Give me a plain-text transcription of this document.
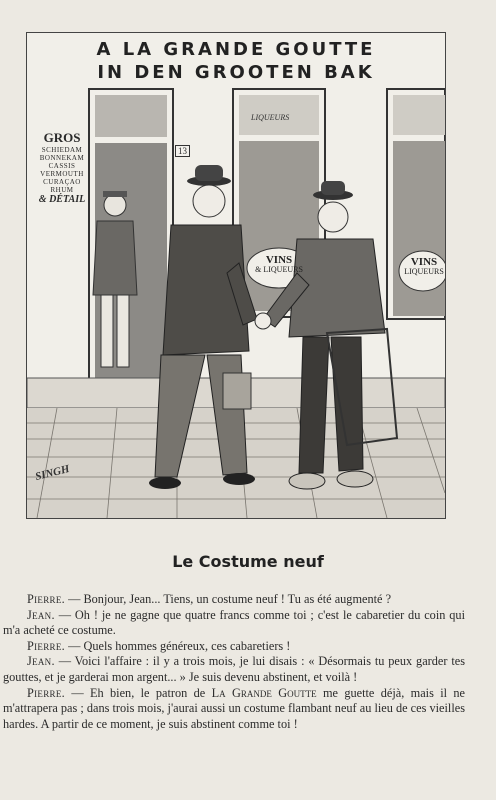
A LA GRANDE GOUTTE
IN DEN GROOTEN BAK
13
GROS
SCHIEDAM
BONNEKAM
CASSIS
VERMOUTH
CURAÇAO
RHUM
& DÉTAIL
LIQUEURS
VINS
& LIQUEURS
VINS
LIQUEURS
SINGH
Le Costume neuf

Pierre. — Bonjour, Jean... Tiens, un costume neuf ! Tu as été augmenté ?

Jean. — Oh ! je ne gagne que quatre francs comme toi ; c'est le cabaretier du coin qui m'a acheté ce costume.

Pierre. — Quels hommes généreux, ces cabaretiers !

Jean. — Voici l'affaire : il y a trois mois, je lui disais : « Désormais tu peux garder tes gouttes, et je garderai mon argent... » Je suis devenu abstinent, et voilà !

Pierre. — Eh bien, le patron de La Grande Goutte me guette déjà, mais il ne m'attrapera pas ; dans trois mois, j'aurai aussi un costume flambant neuf au lieu de ces vieilles hardes. A partir de ce moment, je suis abstinent comme toi !
